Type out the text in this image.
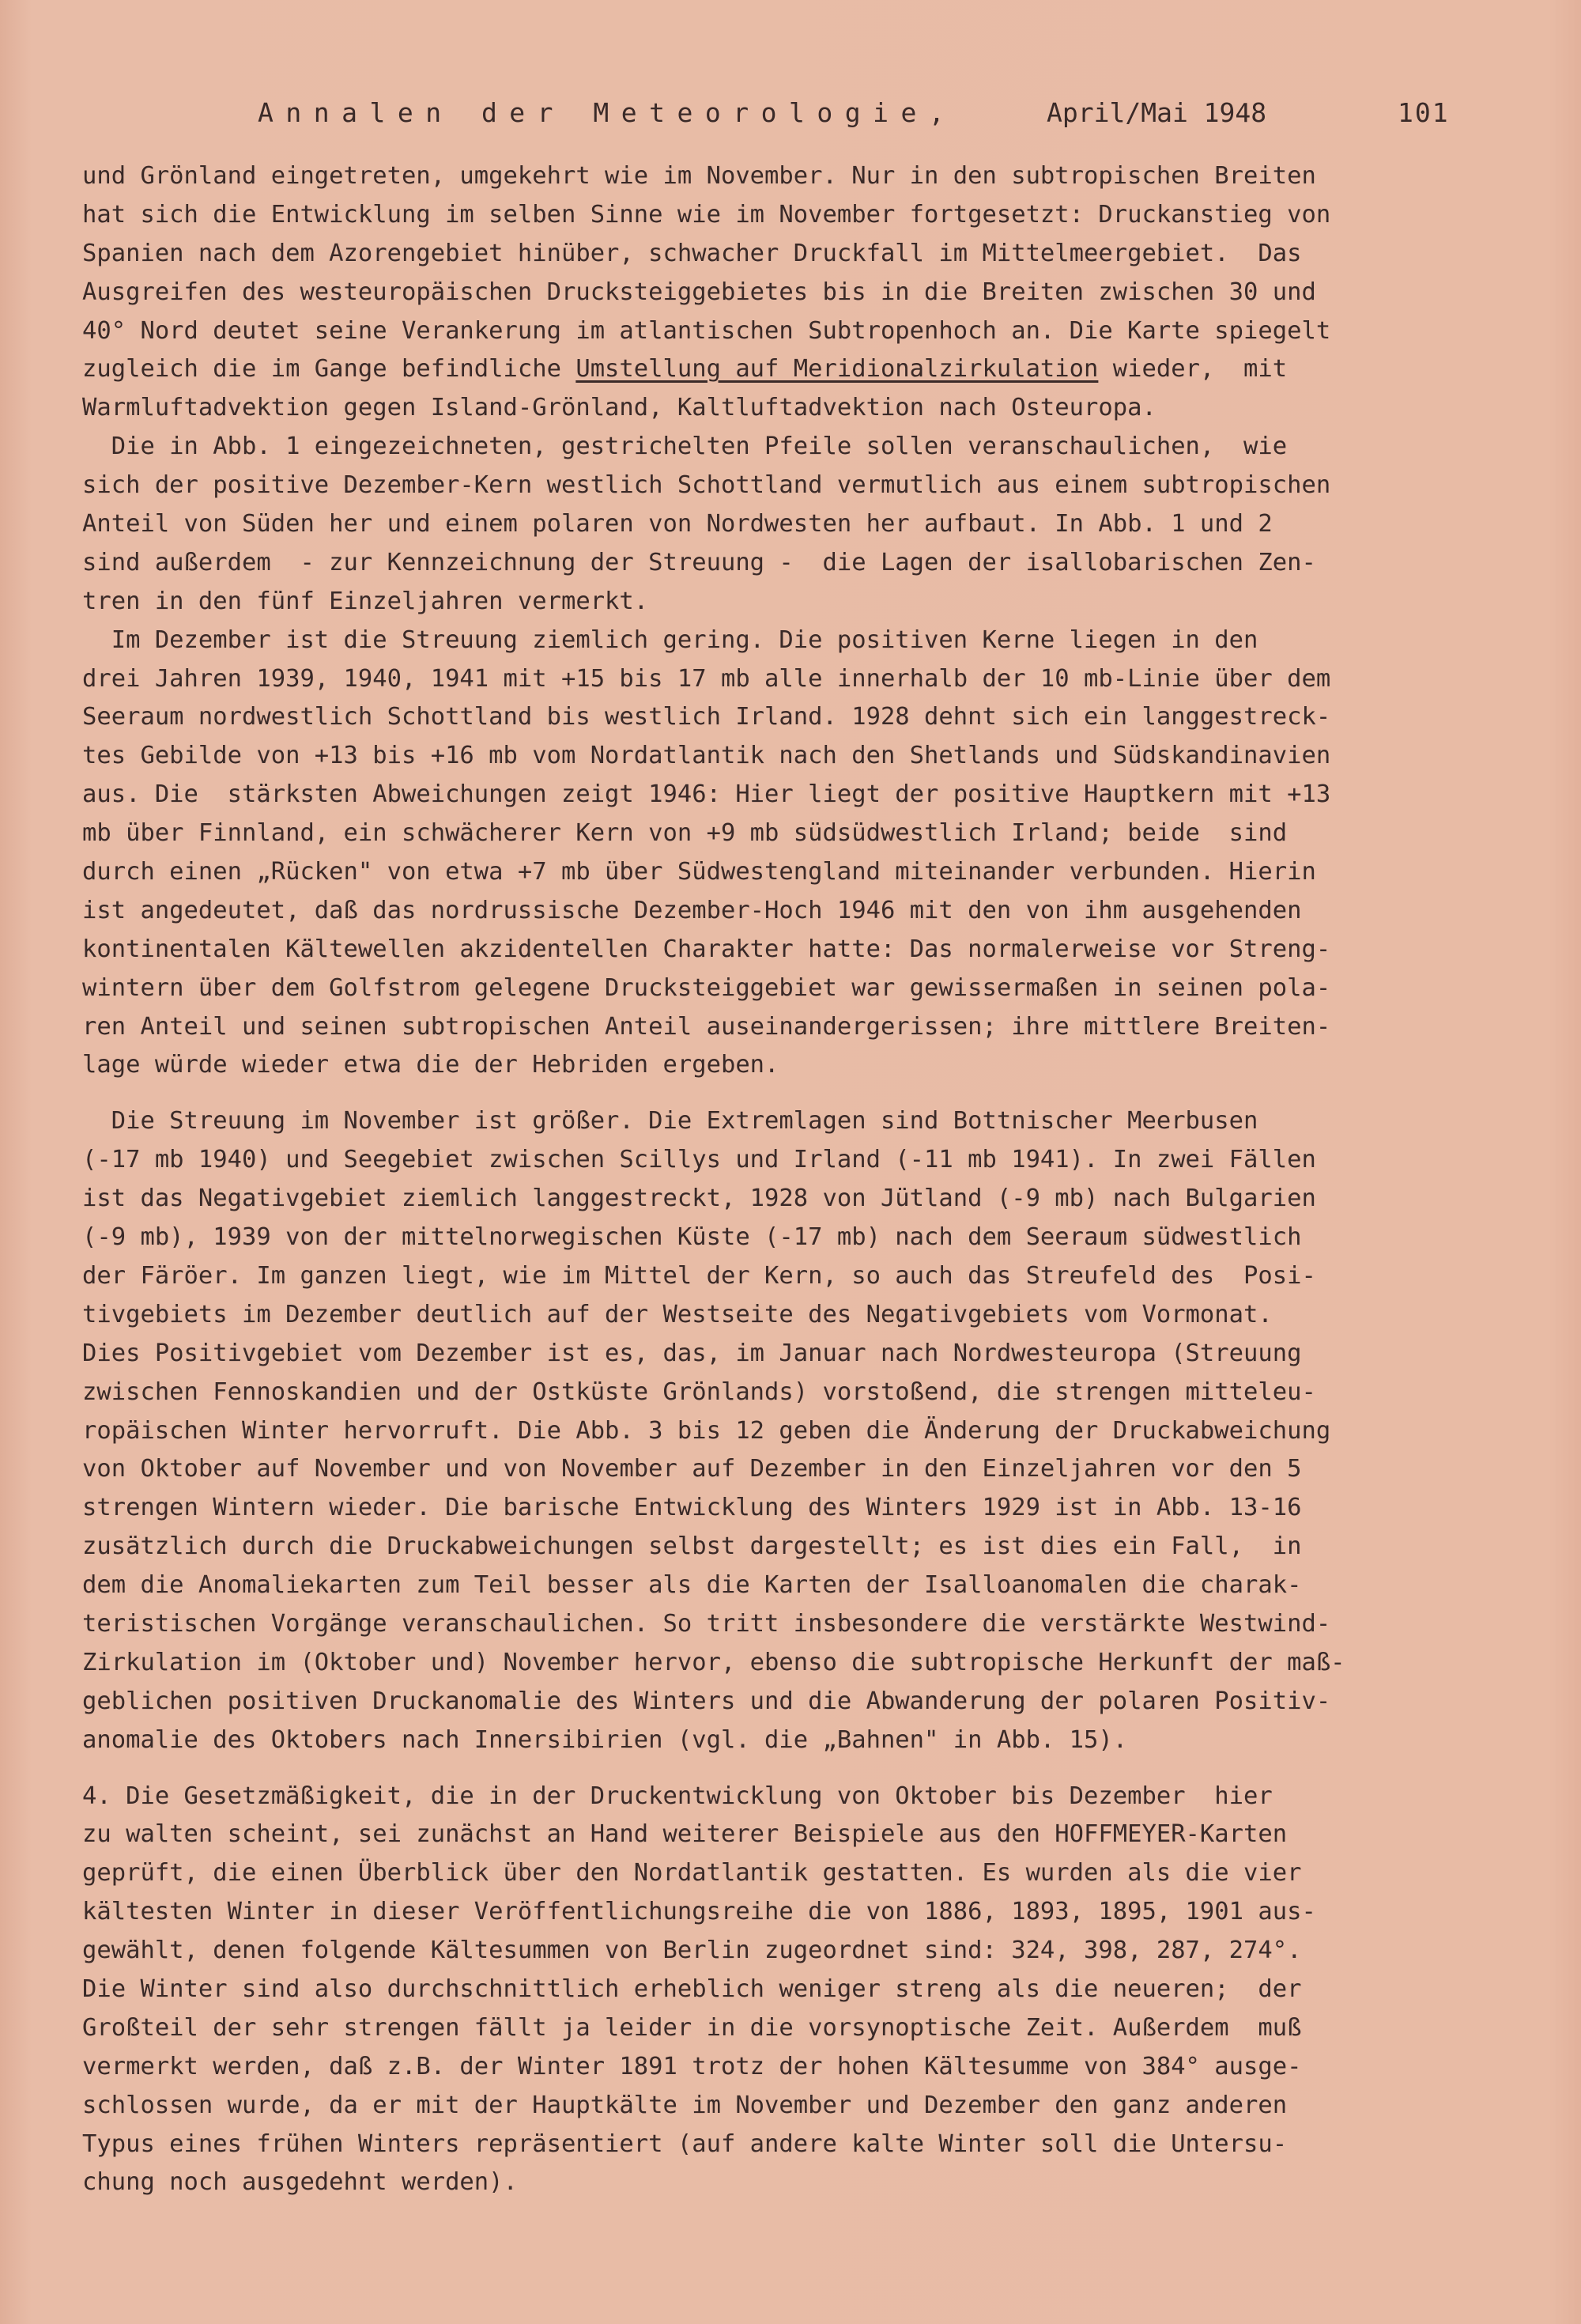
Annalen der Meteorologie,	April/Mai 1948	101
und Grönland eingetreten, umgekehrt wie im November. Nur in den subtropischen Breiten
hat sich die Entwicklung im selben Sinne wie im November fortgesetzt: Druckanstieg von
Spanien nach dem Azorengebiet hinüber, schwacher Druckfall im Mittelmeergebiet.  Das
Ausgreifen des westeuropäischen Drucksteiggebietes bis in die Breiten zwischen 30 und
40° Nord deutet seine Verankerung im atlantischen Subtropenhoch an. Die Karte spiegelt
zugleich die im Gange befindliche Umstellung auf Meridionalzirkulation wieder,  mit
Warmluftadvektion gegen Island-Grönland, Kaltluftadvektion nach Osteuropa.
Die in Abb. 1 eingezeichneten, gestrichelten Pfeile sollen veranschaulichen,  wie
sich der positive Dezember-Kern westlich Schottland vermutlich aus einem subtropischen
Anteil von Süden her und einem polaren von Nordwesten her aufbaut. In Abb. 1 und 2
sind außerdem  - zur Kennzeichnung der Streuung -  die Lagen der isallobarischen Zen-
tren in den fünf Einzeljahren vermerkt.
Im Dezember ist die Streuung ziemlich gering. Die positiven Kerne liegen in den
drei Jahren 1939, 1940, 1941 mit +15 bis 17 mb alle innerhalb der 10 mb-Linie über dem
Seeraum nordwestlich Schottland bis westlich Irland. 1928 dehnt sich ein langgestreck-
tes Gebilde von +13 bis +16 mb vom Nordatlantik nach den Shetlands und Südskandinavien
aus. Die  stärksten Abweichungen zeigt 1946: Hier liegt der positive Hauptkern mit +13
mb über Finnland, ein schwächerer Kern von +9 mb südsüdwestlich Irland; beide  sind
durch einen „Rücken" von etwa +7 mb über Südwestengland miteinander verbunden. Hierin
ist angedeutet, daß das nordrussische Dezember-Hoch 1946 mit den von ihm ausgehenden
kontinentalen Kältewellen akzidentellen Charakter hatte: Das normalerweise vor Streng-
wintern über dem Golfstrom gelegene Drucksteiggebiet war gewissermaßen in seinen pola-
ren Anteil und seinen subtropischen Anteil auseinandergerissen; ihre mittlere Breiten-
lage würde wieder etwa die der Hebriden ergeben.
Die Streuung im November ist größer. Die Extremlagen sind Bottnischer Meerbusen
(-17 mb 1940) und Seegebiet zwischen Scillys und Irland (-11 mb 1941). In zwei Fällen
ist das Negativgebiet ziemlich langgestreckt, 1928 von Jütland (-9 mb) nach Bulgarien
(-9 mb), 1939 von der mittelnorwegischen Küste (-17 mb) nach dem Seeraum südwestlich
der Färöer. Im ganzen liegt, wie im Mittel der Kern, so auch das Streufeld des  Posi-
tivgebiets im Dezember deutlich auf der Westseite des Negativgebiets vom Vormonat.
Dies Positivgebiet vom Dezember ist es, das, im Januar nach Nordwesteuropa (Streuung
zwischen Fennoskandien und der Ostküste Grönlands) vorstoßend, die strengen mitteleu-
ropäischen Winter hervorruft. Die Abb. 3 bis 12 geben die Änderung der Druckabweichung
von Oktober auf November und von November auf Dezember in den Einzeljahren vor den 5
strengen Wintern wieder. Die barische Entwicklung des Winters 1929 ist in Abb. 13-16
zusätzlich durch die Druckabweichungen selbst dargestellt; es ist dies ein Fall,  in
dem die Anomaliekarten zum Teil besser als die Karten der Isalloanomalen die charak-
teristischen Vorgänge veranschaulichen. So tritt insbesondere die verstärkte Westwind-
Zirkulation im (Oktober und) November hervor, ebenso die subtropische Herkunft der maß-
geblichen positiven Druckanomalie des Winters und die Abwanderung der polaren Positiv-
anomalie des Oktobers nach Innersibirien (vgl. die „Bahnen" in Abb. 15).
4. Die Gesetzmäßigkeit, die in der Druckentwicklung von Oktober bis Dezember  hier
zu walten scheint, sei zunächst an Hand weiterer Beispiele aus den HOFFMEYER-Karten
geprüft, die einen Überblick über den Nordatlantik gestatten. Es wurden als die vier
kältesten Winter in dieser Veröffentlichungsreihe die von 1886, 1893, 1895, 1901 aus-
gewählt, denen folgende Kältesummen von Berlin zugeordnet sind: 324, 398, 287, 274°.
Die Winter sind also durchschnittlich erheblich weniger streng als die neueren;  der
Großteil der sehr strengen fällt ja leider in die vorsynoptische Zeit. Außerdem  muß
vermerkt werden, daß z.B. der Winter 1891 trotz der hohen Kältesumme von 384° ausge-
schlossen wurde, da er mit der Hauptkälte im November und Dezember den ganz anderen
Typus eines frühen Winters repräsentiert (auf andere kalte Winter soll die Untersu-
chung noch ausgedehnt werden).
